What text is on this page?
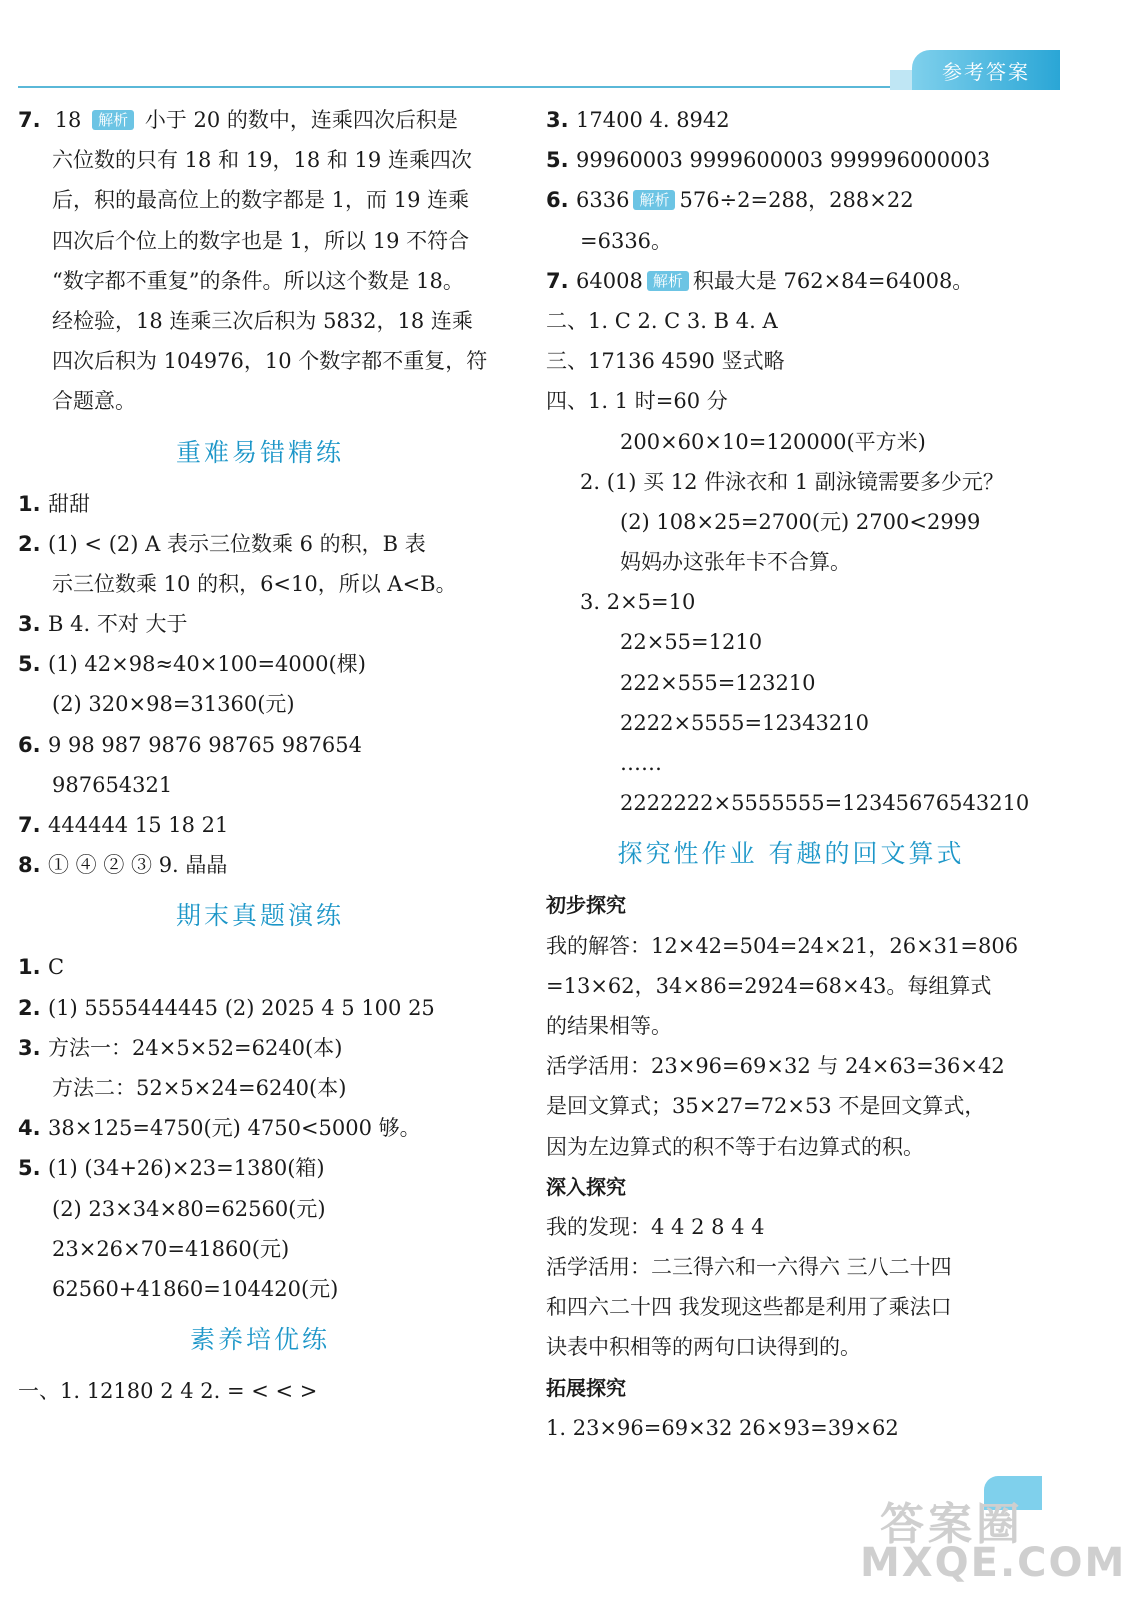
参考答案
7. 18 解析 小于 20 的数中，连乘四次后积是
六位数的只有 18 和 19，18 和 19 连乘四次
后，积的最高位上的数字都是 1，而 19 连乘
四次后个位上的数字也是 1，所以 19 不符合
“数字都不重复”的条件。所以这个数是 18。
经检验，18 连乘三次后积为 5832，18 连乘
四次后积为 104976，10 个数字都不重复，符
合题意。
重难易错精练
1. 甜甜
2. (1) < (2) A 表示三位数乘 6 的积，B 表
示三位数乘 10 的积，6<10，所以 A<B。
3. B 4. 不对 大于
5. (1) 42×98≈40×100=4000(棵)
(2) 320×98=31360(元)
6. 9 98 987 9876 98765 987654
987654321
7. 444444 15 18 21
8. ① ④ ② ③ 9. 晶晶
期末真题演练
1. C
2. (1) 5555444445 (2) 2025 4 5 100 25
3. 方法一：24×5×52=6240(本)
方法二：52×5×24=6240(本)
4. 38×125=4750(元) 4750<5000 够。
5. (1) (34+26)×23=1380(箱)
(2) 23×34×80=62560(元)
23×26×70=41860(元)
62560+41860=104420(元)
素养培优练
一、1. 12180 2 4 2. = < < >
3. 17400 4. 8942
5. 99960003 9999600003 999996000003
6. 6336 解析 576÷2=288，288×22
=6336。
7. 64008 解析 积最大是 762×84=64008。
二、1. C 2. C 3. B 4. A
三、17136 4590 竖式略
四、1. 1 时=60 分
200×60×10=120000(平方米)
2. (1) 买 12 件泳衣和 1 副泳镜需要多少元？
(2) 108×25=2700(元) 2700<2999
妈妈办这张年卡不合算。
3. 2×5=10
22×55=1210
222×555=123210
2222×5555=12343210
……
2222222×5555555=12345676543210
探究性作业 有趣的回文算式
初步探究
我的解答：12×42=504=24×21，26×31=806
=13×62，34×86=2924=68×43。每组算式
的结果相等。
活学活用：23×96=69×32 与 24×63=36×42
是回文算式；35×27=72×53 不是回文算式，
因为左边算式的积不等于右边算式的积。
深入探究
我的发现：4 4 2 8 4 4
活学活用：二三得六和一六得六 三八二十四
和四六二十四 我发现这些都是利用了乘法口
诀表中积相等的两句口诀得到的。
拓展探究
1. 23×96=69×32 26×93=39×62
答案圈
MXQE.COM
